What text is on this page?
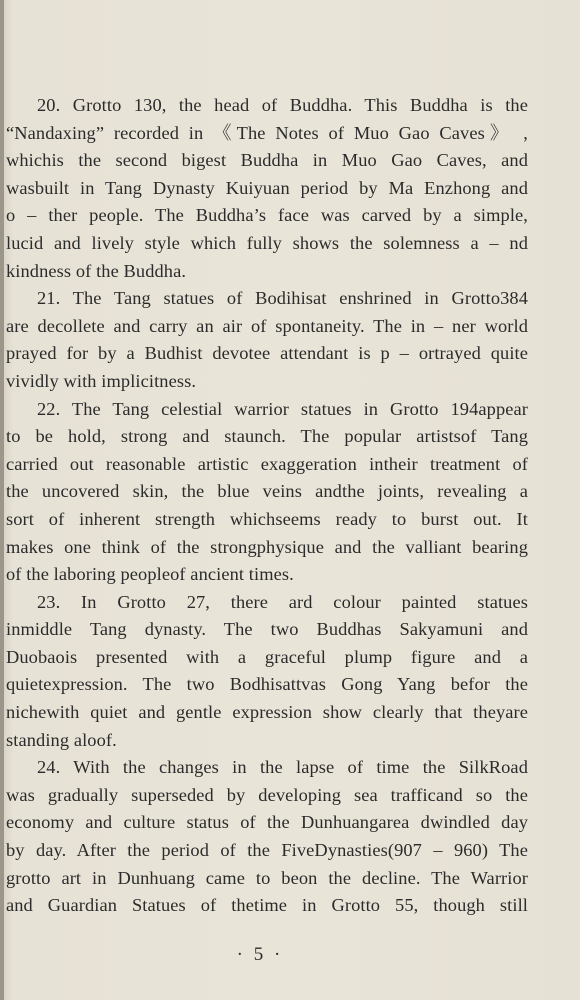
20. Grotto 130, the head of Buddha. This Buddha is the
“Nandaxing” recorded in 《The Notes of Muo Gao Caves》 ,
whichis the second bigest Buddha in Muo Gao Caves, and
wasbuilt in Tang Dynasty Kuiyuan period by Ma Enzhong and
o – ther people. The Buddha’s face was carved by a simple,
lucid and lively style which fully shows the solemness a – nd
kindness of the Buddha.

21. The Tang statues of Bodihisat enshrined in Grotto384
are decollete and carry an air of spontaneity. The in – ner world
prayed for by a Budhist devotee attendant is p – ortrayed quite
vividly with implicitness.

22. The Tang celestial warrior statues in Grotto 194appear
to be hold, strong and staunch. The popular artistsof Tang
carried out reasonable artistic exaggeration intheir treatment of
the uncovered skin, the blue veins andthe joints, revealing a
sort of inherent strength whichseems ready to burst out. It
makes one think of the strongphysique and the valliant bearing
of the laboring peopleof ancient times.

23. In Grotto 27, there ard colour painted statues
inmiddle Tang dynasty. The two Buddhas Sakyamuni and
Duobaois presented with a graceful plump figure and a
quietexpression. The two Bodhisattvas Gong Yang befor the
nichewith quiet and gentle expression show clearly that theyare
standing aloof.

24. With the changes in the lapse of time the SilkRoad
was gradually superseded by developing sea trafficand so the
economy and culture status of the Dunhuangarea dwindled day
by day. After the period of the FiveDynasties(907 – 960) The
grotto art in Dunhuang came to beon the decline. The Warrior
and Guardian Statues of thetime in Grotto 55, though still

· 5 ·
